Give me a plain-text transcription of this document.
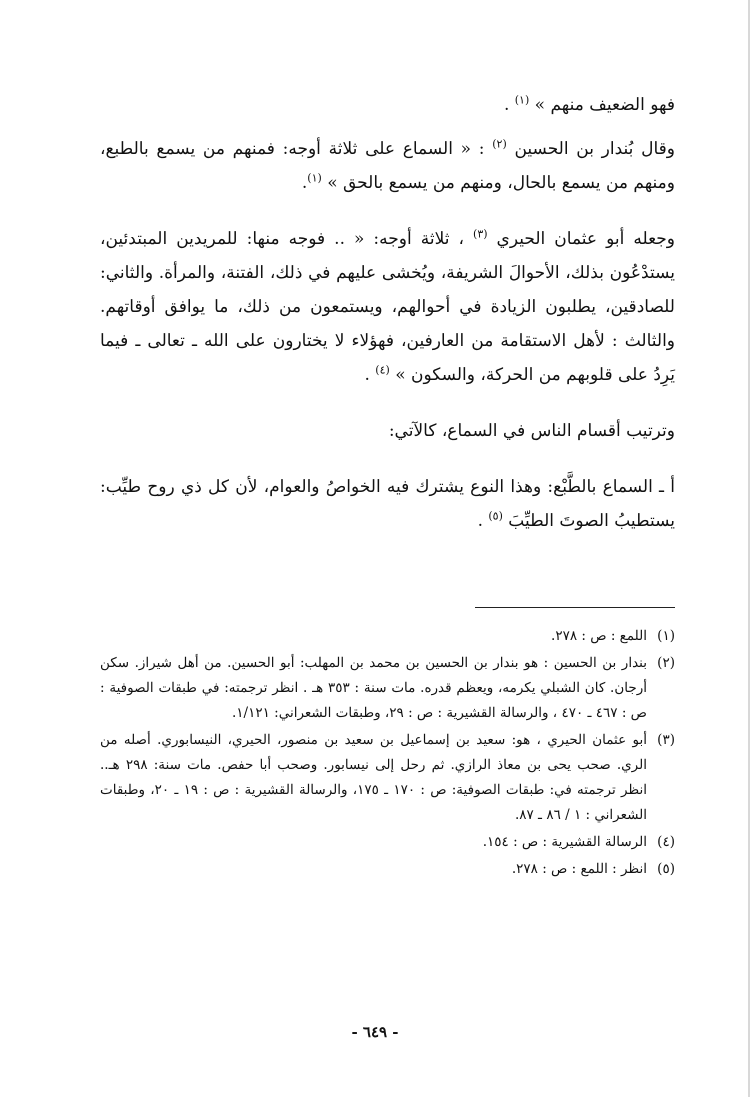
فهو الضعيف منهم » $^{(١)}$ .

وقال بُندار بن الحسين $^{(٢)}$ : « السماع على ثلاثة أوجه: فمنهم من يسمع بالطبع، ومنهم من يسمع بالحال، ومنهم من يسمع بالحق » $^{(١)}$.

وجعله أبو عثمان الحيري $^{(٣)}$ ، ثلاثة أوجه: « .. فوجه منها: للمريدين المبتدئين، يستدْعُون بذلك، الأحوالَ الشريفة، ويُخشى عليهم في ذلك، الفتنة، والمرأة. والثاني: للصادقين، يطلبون الزيادة في أحوالهم، ويستمعون من ذلك، ما يوافق أوقاتهم. والثالث : لأهل الاستقامة من العارفين، فهؤلاء لا يختارون على الله ـ تعالى ـ فيما يَرِدُ على قلوبهم من الحركة، والسكون » $^{(٤)}$ .

وترتيب أقسام الناس في السماع، كالآتي:

أ ـ السماع بالطَّبْع: وهذا النوع يشترك فيه الخواصُ والعوام، لأن كل ذي روح طيِّب: يستطيبُ الصوتَ الطيِّبَ $^{(٥)}$ .

(١)
اللمع : ص : ٢٧٨.
(٢)
بندار بن الحسين : هو بندار بن الحسين بن محمد بن المهلب: أبو الحسين. من أهل شيراز. سكن أرجان. كان الشبلي يكرمه، ويعظم قدره. مات سنة : ٣٥٣ هـ . انظر ترجمته: في طبقات الصوفية : ص : ٤٦٧ ـ ٤٧٠ ، والرسالة القشيرية : ص : ٢٩، وطبقات الشعراني: ١/١٢١.
(٣)
أبو عثمان الحيري ، هو: سعيد بن إسماعيل بن سعيد بن منصور، الحيري، النيسابوري. أصله من الري. صحب يحى بن معاذ الرازي. ثم رحل إلى نيسابور. وصحب أبا حفص. مات سنة: ٢٩٨ هـ.. انظر ترجمته في: طبقات الصوفية: ص : ١٧٠ ـ ١٧٥، والرسالة القشيرية : ص : ١٩ ـ ٢٠، وطبقات الشعراني : ١ / ٨٦ ـ ٨٧.
(٤)
الرسالة القشيرية : ص : ١٥٤.
(٥)
انظر : اللمع : ص : ٢٧٨.
- ٦٤٩ -
